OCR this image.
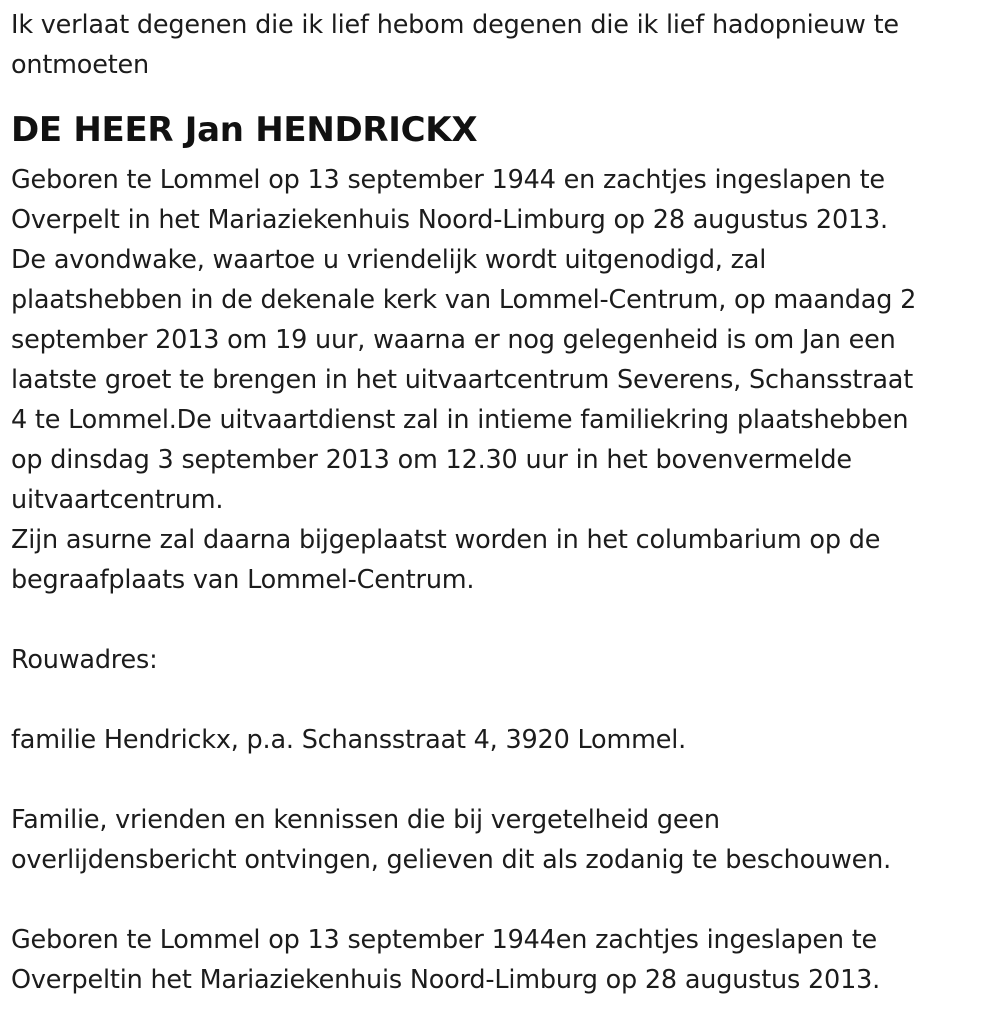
Ik verlaat degenen die ik lief hebom degenen die ik lief hadopnieuw te
ontmoeten
DE HEER Jan HENDRICKX
Geboren te Lommel op 13 september 1944 en zachtjes ingeslapen te
Overpelt in het Mariaziekenhuis Noord-Limburg op 28 augustus 2013.
De avondwake, waartoe u vriendelijk wordt uitgenodigd, zal
plaatshebben in de dekenale kerk van Lommel-Centrum, op maandag 2
september 2013 om 19 uur, waarna er nog gelegenheid is om Jan een
laatste groet te brengen in het uitvaartcentrum Severens, Schansstraat
4 te Lommel.De uitvaartdienst zal in intieme familiekring plaatshebben
op dinsdag 3 september 2013 om 12.30 uur in het bovenvermelde
uitvaartcentrum.
Zijn asurne zal daarna bijgeplaatst worden in het columbarium op de
begraafplaats van Lommel-Centrum.
Rouwadres:
familie Hendrickx, p.a. Schansstraat 4, 3920 Lommel.
Familie, vrienden en kennissen die bij vergetelheid geen
overlijdensbericht ontvingen, gelieven dit als zodanig te beschouwen.
Geboren te Lommel op 13 september 1944en zachtjes ingeslapen te
Overpeltin het Mariaziekenhuis Noord-Limburg op 28 augustus 2013.
